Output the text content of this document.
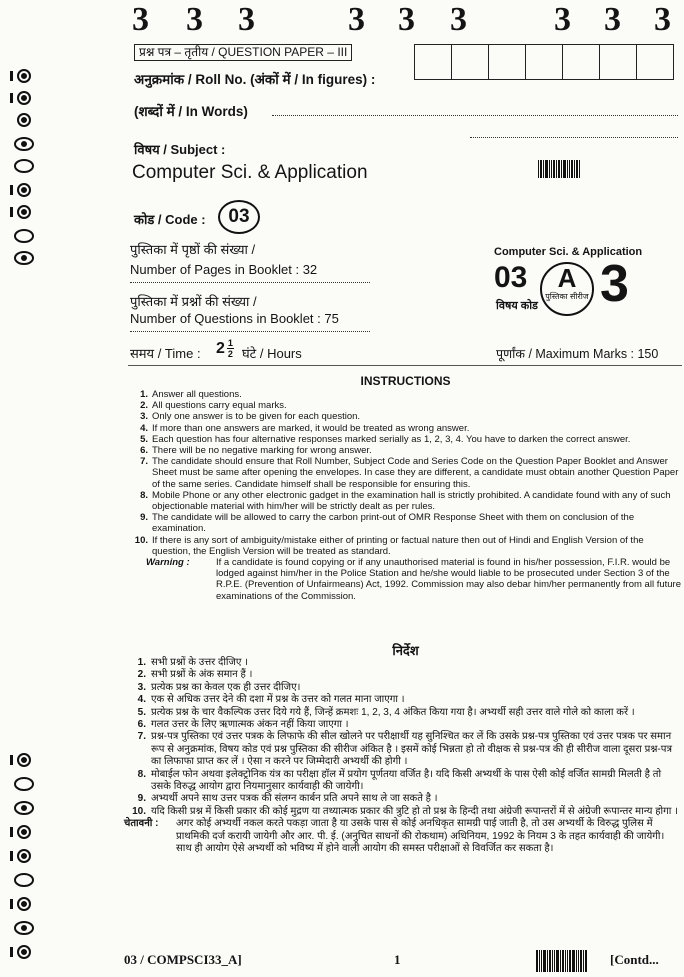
3 3 3	3 3 3	3 3 3
प्रश्न पत्र – तृतीय / QUESTION PAPER – III
अनुक्रमांक / Roll No. (अंकों में / In figures) :
(शब्दों में / In Words)
विषय / Subject :
Computer Sci. & Application
कोड / Code :	03
पुस्तिका में पृष्ठों की संख्या /
Number of Pages in Booklet : 32
पुस्तिका में प्रश्नों की संख्या /
Number of Questions in Booklet : 75
Computer Sci. & Application
03	A
पुस्तिका सीरीज 3
विषय कोड
समय / Time : $2 \frac{1}{2}$ घंटे / Hours	पूर्णांक / Maximum Marks : 150
INSTRUCTIONS
1. Answer all questions.
2. All questions carry equal marks.
3. Only one answer is to be given for each question.
4. If more than one answers are marked, it would be treated as wrong answer.
5. Each question has four alternative responses marked serially as 1, 2, 3, 4. You have to darken the correct answer.
6. There will be no negative marking for wrong answer.
7. The candidate should ensure that Roll Number, Subject Code and Series Code on the Question Paper Booklet and Answer Sheet must be same after opening the envelopes. In case they are different, a candidate must obtain another Question Paper of the same series. Candidate himself shall be responsible for ensuring this.
8. Mobile Phone or any other electronic gadget in the examination hall is strictly prohibited. A candidate found with any of such objectionable material with him/her will be strictly dealt as per rules.
9. The candidate will be allowed to carry the carbon print-out of OMR Response Sheet with them on conclusion of the examination.
10. If there is any sort of ambiguity/mistake either of printing or factual nature then out of Hindi and English Version of the question, the English Version will be treated as standard.
Warning :	If a candidate is found copying or if any unauthorised material is found in his/her possession, F.I.R. would be lodged against him/her in the Police Station and he/she would liable to be prosecuted under Section 3 of the R.P.E. (Prevention of Unfairmeans) Act, 1992. Commission may also debar him/her permanently from all future examinations of the Commission.
निर्देश
1. सभी प्रश्नों के उत्तर दीजिए ।
2. सभी प्रश्नों के अंक समान हैं ।
3. प्रत्येक प्रश्न का केवल एक ही उत्तर दीजिए।
4. एक से अधिक उत्तर देने की दशा में प्रश्न के उत्तर को गलत माना जाएगा ।
5. प्रत्येक प्रश्न के चार वैकल्पिक उत्तर दिये गये हैं, जिन्हें क्रमशः 1, 2, 3, 4 अंकित किया गया है। अभ्यर्थी सही उत्तर वाले गोले को काला करें ।
6. गलत उत्तर के लिए ऋणात्मक अंकन नहीं किया जाएगा ।
7. प्रश्न-पत्र पुस्तिका एवं उत्तर पत्रक के लिफाफे की सील खोलने पर परीक्षार्थी यह सुनिश्चित कर लें कि उसके प्रश्न-पत्र पुस्तिका एवं उत्तर पत्रक पर समान रूप से अनुक्रमांक, विषय कोड एवं प्रश्न पुस्तिका की सीरीज अंकित है । इसमें कोई भिन्नता हो तो वीक्षक से प्रश्न-पत्र की ही सीरीज वाला दूसरा प्रश्न-पत्र का लिफाफा प्राप्त कर लें । ऐसा न करने पर जिम्मेदारी अभ्यर्थी की होगी ।
8. मोबाईल फोन अथवा इलेक्ट्रोनिक यंत्र का परीक्षा हॉल में प्रयोग पूर्णतया वर्जित है। यदि किसी अभ्यर्थी के पास ऐसी कोई वर्जित सामग्री मिलती है तो उसके विरुद्ध आयोग द्वारा नियमानुसार कार्यवाही की जायेगी।
9. अभ्यर्थी अपने साथ उत्तर पत्रक की संलग्न कार्बन प्रति अपने साथ ले जा सकते है ।
10. यदि किसी प्रश्न में किसी प्रकार की कोई मुद्रण या तथ्यात्मक प्रकार की त्रुटि हो तो प्रश्न के हिन्दी तथा अंग्रेजी रूपान्तरों में से अंग्रेजी रूपान्तर मान्य होगा ।
चेतावनी :	अगर कोई अभ्यर्थी नकल करते पकड़ा जाता है या उसके पास से कोई अनधिकृत सामग्री पाई जाती है, तो उस अभ्यर्थी के विरुद्ध पुलिस में प्राथमिकी दर्ज करायी जायेगी और आर. पी. ई. (अनुचित साधनों की रोकथाम) अधिनियम, 1992 के नियम 3 के तहत कार्यवाही की जायेगी। साथ ही आयोग ऐसे अभ्यर्थी को भविष्य में होने वाली आयोग की समस्त परीक्षाओं से विवर्जित कर सकता है।
03 / COMPSCI33_A]	1	[Contd...
